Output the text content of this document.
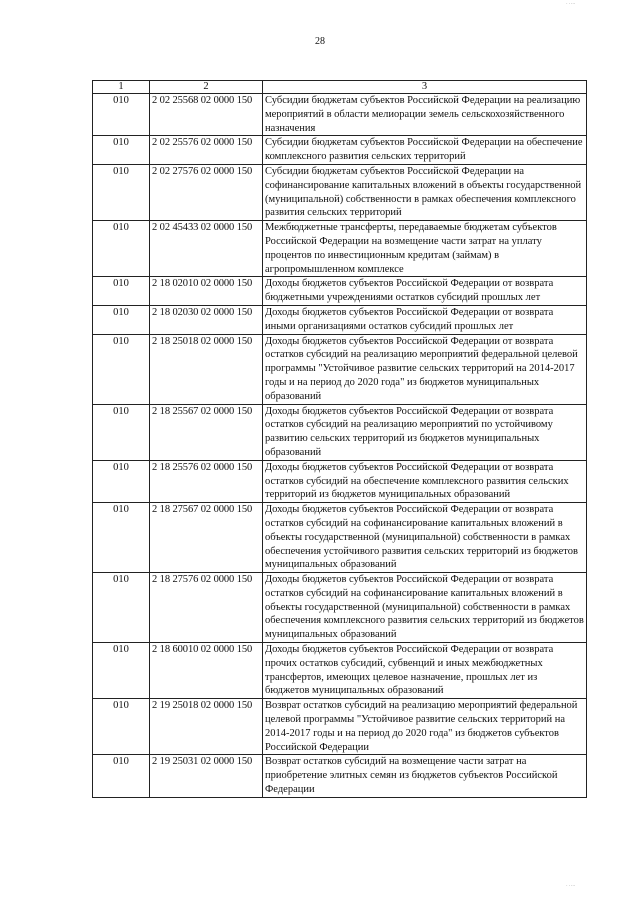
· ····
28
1	2	3
010	2 02 25568 02 0000 150	Субсидии бюджетам субъектов Российской Федерации на реализацию мероприятий в области мелиорации земель сельскохозяйственного назначения
010	2 02 25576 02 0000 150	Субсидии бюджетам субъектов Российской Федерации на обеспечение комплексного развития сельских территорий
010	2 02 27576 02 0000 150	Субсидии бюджетам субъектов Российской Федерации на софинансирование капитальных вложений в объекты государственной (муниципальной) собственности в рамках обеспечения комплексного развития сельских территорий
010	2 02 45433 02 0000 150	Межбюджетные трансферты, передаваемые бюджетам субъектов Российской Федерации на возмещение части затрат на уплату процентов по инвестиционным кредитам (займам) в агропромышленном комплексе
010	2 18 02010 02 0000 150	Доходы бюджетов субъектов Российской Федерации от возврата бюджетными учреждениями остатков субсидий прошлых лет
010	2 18 02030 02 0000 150	Доходы бюджетов субъектов Российской Федерации от возврата иными организациями остатков субсидий прошлых лет
010	2 18 25018 02 0000 150	Доходы бюджетов субъектов Российской Федерации от возврата остатков субсидий на реализацию мероприятий федеральной целевой программы "Устойчивое развитие сельских территорий на 2014-2017 годы и на период до 2020 года" из бюджетов муниципальных образований
010	2 18 25567 02 0000 150	Доходы бюджетов субъектов Российской Федерации от возврата остатков субсидий на реализацию мероприятий по устойчивому развитию сельских территорий из бюджетов муниципальных образований
010	2 18 25576 02 0000 150	Доходы бюджетов субъектов Российской Федерации от возврата остатков субсидий на обеспечение комплексного развития сельских территорий из бюджетов муниципальных образований
010	2 18 27567 02 0000 150	Доходы бюджетов субъектов Российской Федерации от возврата остатков субсидий на софинансирование капитальных вложений в объекты государственной (муниципальной) собственности в рамках обеспечения устойчивого развития сельских территорий из бюджетов муниципальных образований
010	2 18 27576 02 0000 150	Доходы бюджетов субъектов Российской Федерации от возврата остатков субсидий на софинансирование капитальных вложений в объекты государственной (муниципальной) собственности в рамках обеспечения комплексного развития сельских территорий из бюджетов муниципальных образований
010	2 18 60010 02 0000 150	Доходы бюджетов субъектов Российской Федерации от возврата прочих остатков субсидий, субвенций и иных межбюджетных трансфертов, имеющих целевое назначение, прошлых лет из бюджетов муниципальных образований
010	2 19 25018 02 0000 150	Возврат остатков субсидий на реализацию мероприятий федеральной целевой программы "Устойчивое развитие сельских территорий на 2014-2017 годы и на период до 2020 года" из бюджетов субъектов Российской Федерации
010	2 19 25031 02 0000 150	Возврат остатков субсидий на возмещение части затрат на приобретение элитных семян из бюджетов субъектов Российской Федерации
· ····
